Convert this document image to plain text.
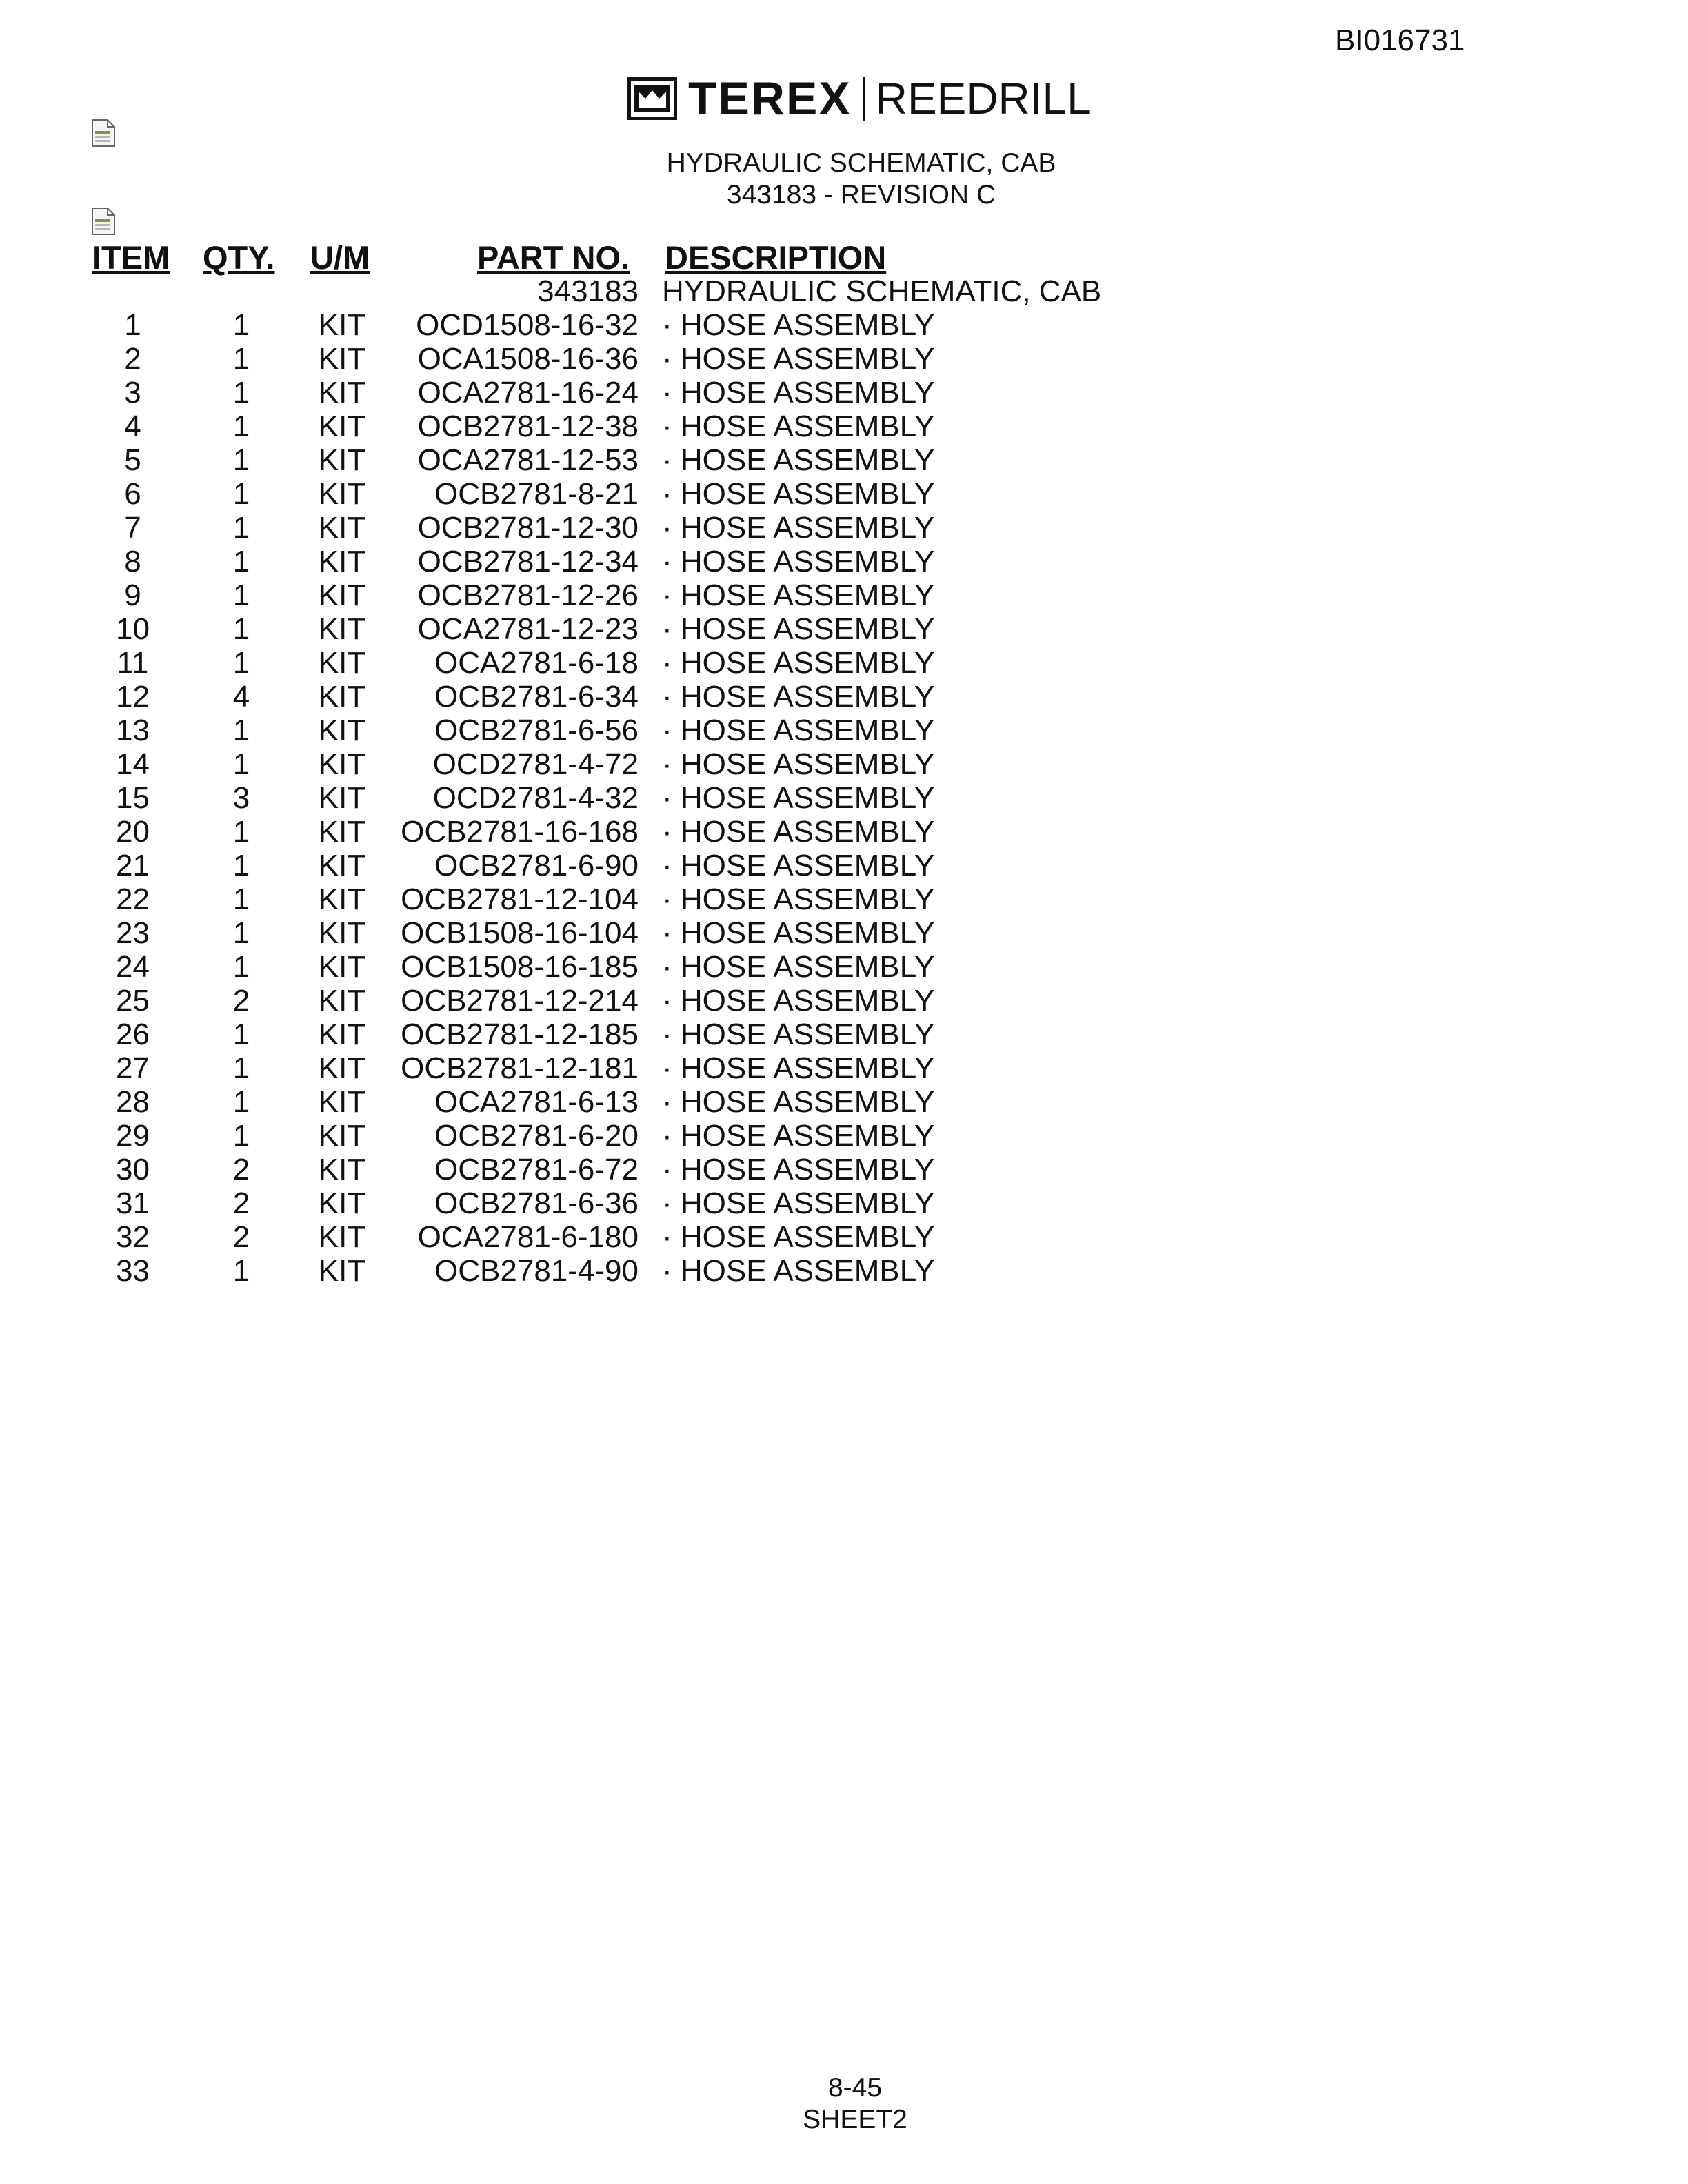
BI016731
TEREX REEDRILL
HYDRAULIC SCHEMATIC, CAB
343183 - REVISION C
ITEM QTY. U/M	PART NO. DESCRIPTION
343183 HYDRAULIC SCHEMATIC, CAB
1	1	KIT	OCD1508-16-32 · HOSE ASSEMBLY
2	1	KIT	OCA1508-16-36 · HOSE ASSEMBLY
3	1	KIT	OCA2781-16-24 · HOSE ASSEMBLY
4	1	KIT	OCB2781-12-38 · HOSE ASSEMBLY
5	1	KIT	OCA2781-12-53 · HOSE ASSEMBLY
6	1	KIT	OCB2781-8-21 · HOSE ASSEMBLY
7	1	KIT	OCB2781-12-30 · HOSE ASSEMBLY
8	1	KIT	OCB2781-12-34 · HOSE ASSEMBLY
9	1	KIT	OCB2781-12-26 · HOSE ASSEMBLY
10	1	KIT	OCA2781-12-23 · HOSE ASSEMBLY
11	1	KIT	OCA2781-6-18 · HOSE ASSEMBLY
12	4	KIT	OCB2781-6-34 · HOSE ASSEMBLY
13	1	KIT	OCB2781-6-56 · HOSE ASSEMBLY
14	1	KIT	OCD2781-4-72 · HOSE ASSEMBLY
15	3	KIT	OCD2781-4-32 · HOSE ASSEMBLY
20	1	KIT	OCB2781-16-168 · HOSE ASSEMBLY
21	1	KIT	OCB2781-6-90 · HOSE ASSEMBLY
22	1	KIT	OCB2781-12-104 · HOSE ASSEMBLY
23	1	KIT	OCB1508-16-104 · HOSE ASSEMBLY
24	1	KIT	OCB1508-16-185 · HOSE ASSEMBLY
25	2	KIT	OCB2781-12-214 · HOSE ASSEMBLY
26	1	KIT	OCB2781-12-185 · HOSE ASSEMBLY
27	1	KIT	OCB2781-12-181 · HOSE ASSEMBLY
28	1	KIT	OCA2781-6-13 · HOSE ASSEMBLY
29	1	KIT	OCB2781-6-20 · HOSE ASSEMBLY
30	2	KIT	OCB2781-6-72 · HOSE ASSEMBLY
31	2	KIT	OCB2781-6-36 · HOSE ASSEMBLY
32	2	KIT	OCA2781-6-180 · HOSE ASSEMBLY
33	1	KIT	OCB2781-4-90 · HOSE ASSEMBLY
8-45
SHEET2
